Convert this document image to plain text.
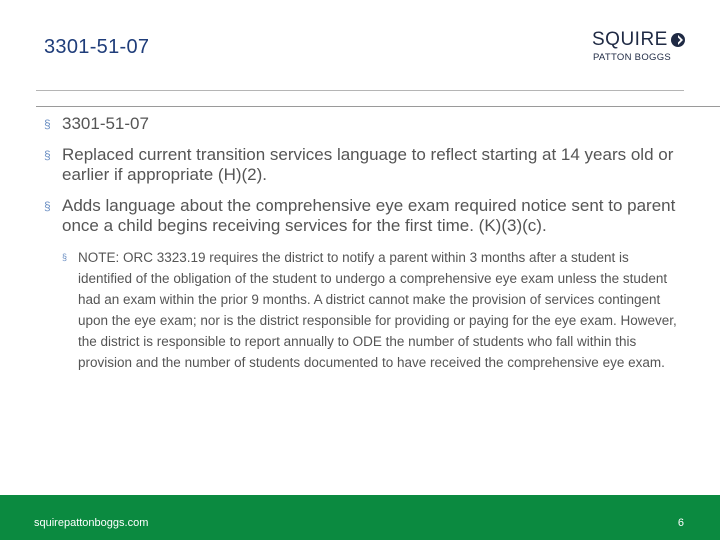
3301-51-07	SQUIRE
PATTON BOGGS
§ 3301-51-07
§ Replaced current transition services language to reflect starting at 14 years old or earlier if appropriate (H)(2).
§ Adds language about the comprehensive eye exam required notice sent to parent once a child begins receiving services for the first time. (K)(3)(c).
§ NOTE: ORC 3323.19 requires the district to notify a parent within 3 months after a student is identified of the obligation of the student to undergo a comprehensive eye exam unless the student had an exam within the prior 9 months. A district cannot make the provision of services contingent upon the eye exam; nor is the district responsible for providing or paying for the eye exam. However, the district is responsible to report annually to ODE the number of students who fall within this provision and the number of students documented to have received the comprehensive eye exam.
squirepattonboggs.com	6
